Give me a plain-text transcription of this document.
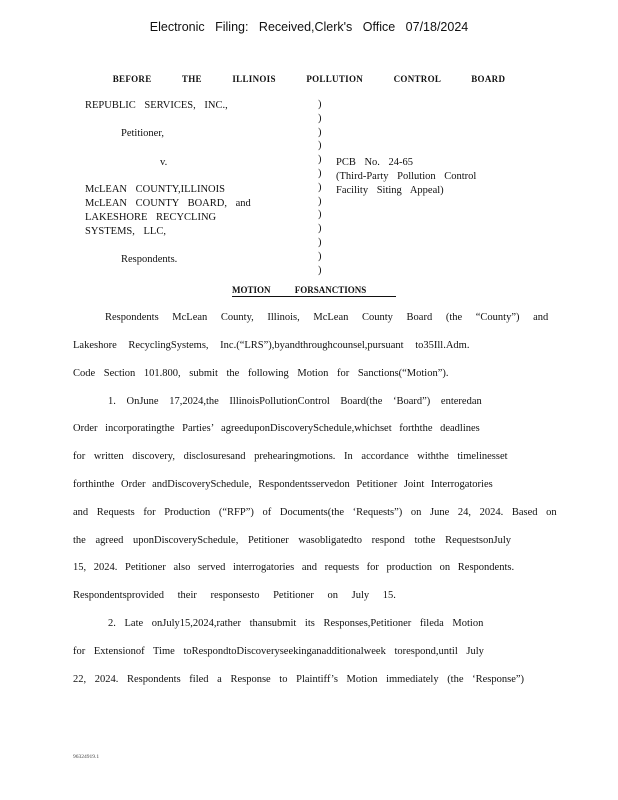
Electronic Filing: Received,Clerk's Office 07/18/2024
BEFORE THE ILLINOIS POLLUTION CONTROL BOARD
REPUBLIC SERVICES, INC.,
Petitioner,
v.
McLEAN COUNTY,ILLINOIS
McLEAN COUNTY BOARD, and
LAKESHORE RECYCLING
SYSTEMS, LLC,
Respondents.
)
)
)
)
)
)
)
)
)
)
)
)
)
PCB No. 24-65
(Third-Party Pollution Control
Facility Siting Appeal)
MOTION FORSANCTIONS
Respondents McLean County, Illinois, McLean County Board (the “County”) and
Lakeshore RecyclingSystems, Inc.(“LRS”),byandthroughcounsel,pursuant to35Ill.Adm.
Code Section 101.800, submit the following Motion for Sanctions(“Motion”).
1. OnJune 17,2024,the IllinoisPollutionControl Board(the ‘Board”) enteredan
Order incorporatingthe Parties’ agreeduponDiscoverySchedule,whichset forththe deadlines
for written discovery, disclosuresand prehearingmotions. In accordance withthe timelinesset
forthinthe Order andDiscoverySchedule, Respondentsservedon Petitioner Joint Interrogatories
and Requests for Production (“RFP”) of Documents(the ‘Requests”) on June 24, 2024. Based on
the agreed uponDiscoverySchedule, Petitioner wasobligatedto respond tothe RequestsonJuly
15, 2024. Petitioner also served interrogatories and requests for production on Respondents.
Respondentsprovided their responsesto Petitioner on July 15.
2. Late onJuly15,2024,rather thansubmit its Responses,Petitioner fileda Motion
for Extensionof Time toRespondtoDiscoveryseekinganadditionalweek torespond,until July
22, 2024. Respondents filed a Response to Plaintiff’s Motion immediately (the ‘Response”)
96324919.1
